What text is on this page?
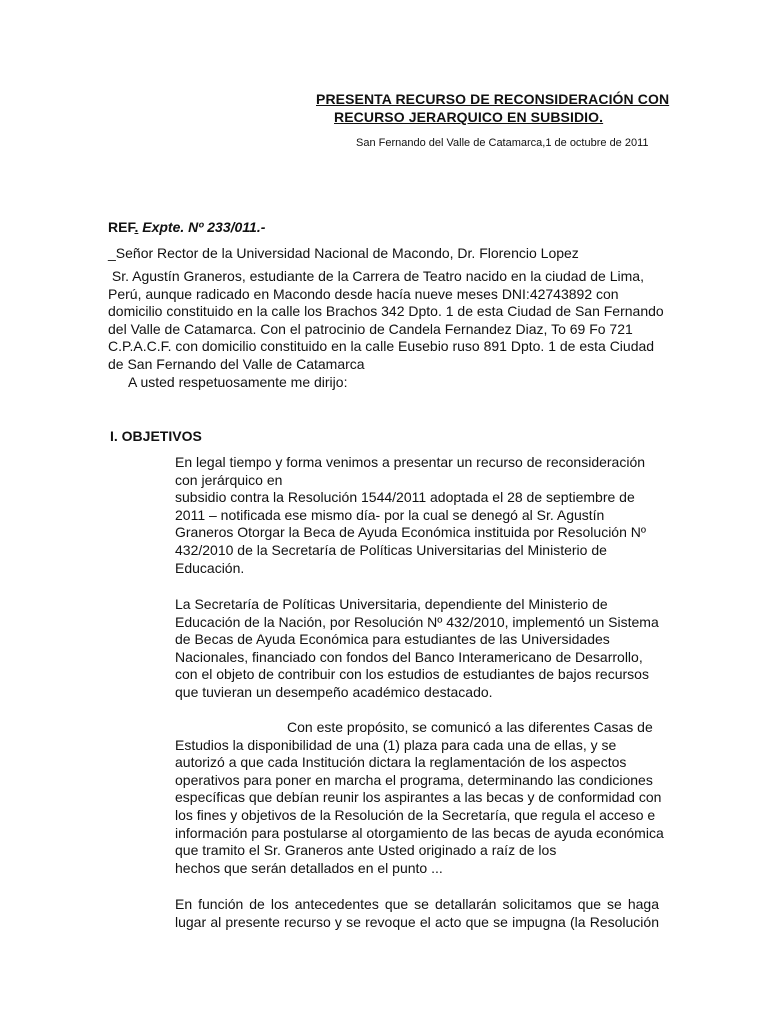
PRESENTA RECURSO DE RECONSIDERACIÓN CON
RECURSO JERARQUICO EN SUBSIDIO.
San Fernando del Valle de Catamarca,1 de octubre de 2011
REF. Expte. Nº 233/011.-
_Señor Rector de la Universidad Nacional de Macondo, Dr. Florencio Lopez
Sr. Agustín Graneros, estudiante de la Carrera de Teatro nacido en la ciudad de Lima,
Perú, aunque radicado en Macondo desde hacía nueve meses DNI:42743892 con
domicilio constituido en la calle los Brachos 342 Dpto. 1 de esta Ciudad de San Fernando
del Valle de Catamarca. Con el patrocinio de Candela Fernandez Diaz, To 69 Fo 721
C.P.A.C.F. con domicilio constituido en la calle Eusebio ruso 891 Dpto. 1 de esta Ciudad
de San Fernando del Valle de Catamarca
A usted respetuosamente me dirijo:
I. OBJETIVOS
En legal tiempo y forma venimos a presentar un recurso de reconsideración
con jerárquico en
subsidio contra la Resolución 1544/2011 adoptada el 28 de septiembre de
2011 – notificada ese mismo día- por la cual se denegó al Sr. Agustín
Graneros Otorgar la Beca de Ayuda Económica instituida por Resolución Nº
432/2010 de la Secretaría de Políticas Universitarias del Ministerio de
Educación.
La Secretaría de Políticas Universitaria, dependiente del Ministerio de
Educación de la Nación, por Resolución Nº 432/2010, implementó un Sistema
de Becas de Ayuda Económica para estudiantes de las Universidades
Nacionales, financiado con fondos del Banco Interamericano de Desarrollo,
con el objeto de contribuir con los estudios de estudiantes de bajos recursos
que tuvieran un desempeño académico destacado.
Con este propósito, se comunicó a las diferentes Casas de
Estudios la disponibilidad de una (1) plaza para cada una de ellas, y se
autorizó a que cada Institución dictara la reglamentación de los aspectos
operativos para poner en marcha el programa, determinando las condiciones
específicas que debían reunir los aspirantes a las becas y de conformidad con
los fines y objetivos de la Resolución de la Secretaría, que regula el acceso e
información para postularse al otorgamiento de las becas de ayuda económica
que tramito el Sr. Graneros ante Usted originado a raíz de los
hechos que serán detallados en el punto ...
En función de los antecedentes que se detallarán solicitamos que se haga
lugar al presente recurso y se revoque el acto que se impugna (la Resolución
